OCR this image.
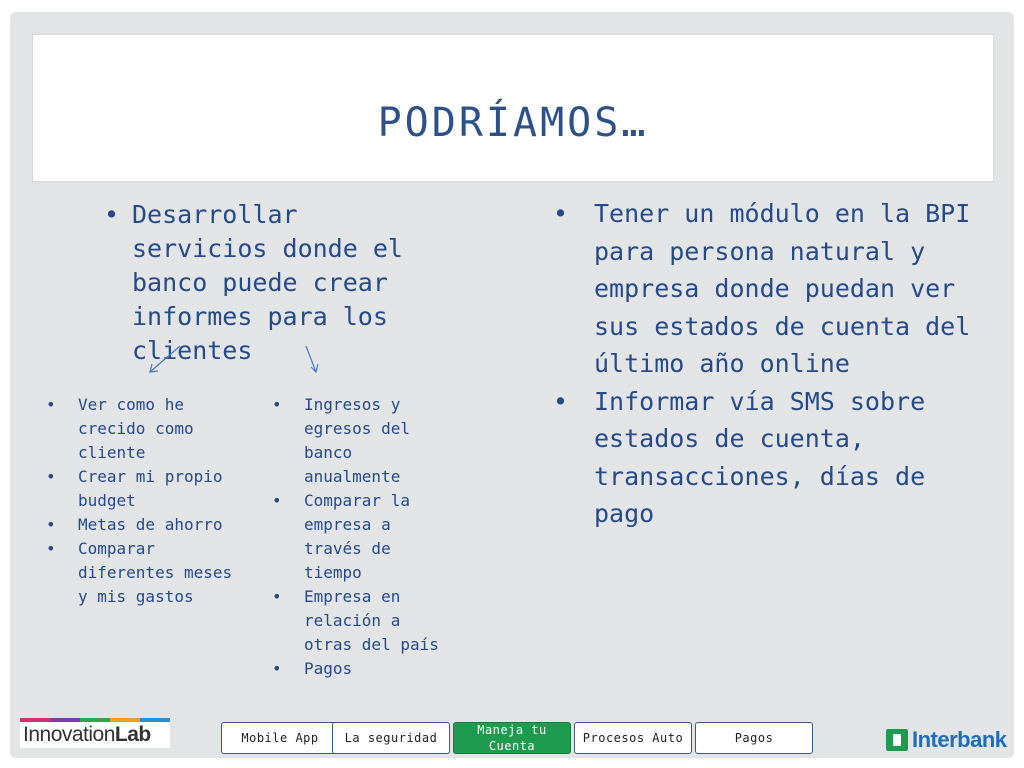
PODRÍAMOS…
• Desarrollar servicios donde el banco puede crear informes para los clientes
• Tener un módulo en la BPI para persona natural y empresa donde puedan ver sus estados de cuenta del último año online
• Informar vía SMS sobre estados de cuenta, transacciones, días de pago
• Ver como he crecido como cliente
• Crear mi propio budget
• Metas de ahorro
• Comparar diferentes meses y mis gastos
• Ingresos y egresos del banco anualmente
• Comparar la empresa a través de tiempo
• Empresa en relación a otras del país
• Pagos
InnovationLab	Mobile App La seguridad
Maneja tu Cuenta
Procesos Auto	Pagos	Interbank
